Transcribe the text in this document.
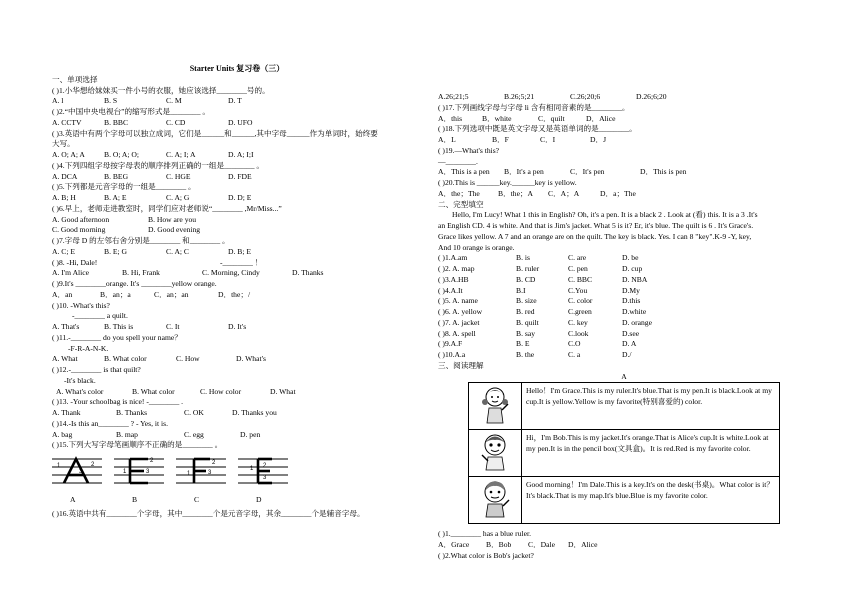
Starter Units 复习卷（三）
一、单项选择
( )1.小华想给妹妹买一件小号的衣服，她应该选择________号的。
A. l	B. S	C. M	D. T
( )2.“中国中央电视台”的缩写形式是________ 。
A. CCTV	B. BBC	C. CD	D. UFO
( )3.英语中有两个字母可以独立成词，它们是______和______,其中字母______作为单词时，始终要
大写。
A. O; A; A	B. O; A; O;	C. A; I; A	D. A; I;I
( )4.下列四组字母按字母表的顺序排列正确的一组是________ 。
A. DCA	B. BEG	C. HGE	D. FDE
( )5.下列都是元音字母的一组是________ 。
A. B; H	B. A; E	C. A; G	D. D; E
( )6.早上，老师走进教室时，同学们应对老师说“________ ,Mr/Miss...”
A. Good afternoon	B. How are you
C. Good morning	D. Good evening
( )7.字母 D 的左邻右舍分别是________ 和________ 。
A. C; E	B. E; G	C. A; C	D. B; E
( )8. -Hi, Dale!	-________ ！
A. I'm Alice	B. Hi, Frank	C. Morning, Cindy	D. Thanks
( )9.It's ________orange. It's ________yellow orange.
A．an	B．an；a	C．an；an	D．the；/
( )10. -What's this?
-________ a quilt.
A. That's	B. This is	C. It	D. It's
( )11.-________ do you spell your name？
-F-R-A-N-K.
A. What	B. What color	C. How	D. What's
( )12.-________ is that quilt?
-It's black.
A. What's color	B. What color	C. How color	D. What
( )13. -Your schoolbag is nice! -________ .
A. Thank	B. Thanks	C. OK	D. Thanks you
( )14.-Is this an________ ? - Yes, it is.
A. bag	B. map	C. egg	D. pen
( )15.下列大写字母笔画顺序不正确的是________ 。
1	2
3	1
2
3	1
2
3
1 2
3
A	B	C	D
( )16.英语中共有________个字母，其中________个是元音字母，其余________个是辅音字母。
A.26;21;5	B.26;5;21	C.26;20;6	D.26;6;20
( )17.下列画线字母与字母 li 含有相同音素的是________。
A．this	B．white	C．quilt	D．Alice
( )18.下列选项中既是英文字母又是英语单词的是________。
A．L	B．F	C．I	D．J
( )19.—What's this?
—________.
A．This is a pen	B．It's a pen	C．It's pen	D．This is pen
( )20.This is ______key.______key is yellow.
A．the；The	B．the；A	C．A；A	D．a；The
二、完型填空
Hello, I'm Lucy! What 1 this in English? Oh, it's a pen. It is a black 2 . Look at (看) this. It is a 3 .It's
an English CD. 4 is white. And that is Jim's jacket. What 5 is it? Er, it's blue. The quilt is 6 . It's Grace's.
Grace likes yellow. A 7 and an orange are on the quilt. The key is black. Yes. I can 8 "key".K-9 -Y, key,
And 10 orange is orange.
( )1.A.am	B. is	C. are	D. be
( )2. A. map	B. ruler	C. pen	D. cup
( )3.A.HB	B. CD	C. BBC	D. NBA
( )4.A.It	B.I	C.You	D.My
( )5. A. name	B. size	C. color	D.this
( )6. A. yellow	B. red	C.green	D.white
( )7. A. jacket	B. quilt	C. key	D. orange
( )8. A. spell	B. say	C.look	D.see
( )9.A.F	B. E	C.O	D. A
( )10.A.a	B. the	C. a	D./
三、阅读理解
A
	Hello！I'm Grace.This is my ruler.It's blue.That is my pen.It is black.Look at my cup.It is yellow.Yellow is my favorite(特别喜爱的) color.
	Hi，I'm Bob.This is my jacket.It's orange.That is Alice's cup.It is white.Look at my pen.It is in the pencil box(文具盒)。It is red.Red is my favorite color.
	Good morning！I'm Dale.This is a key.It's on the desk(书桌)。What color is it？It's black.That is my map.It's blue.Blue is my favorite color.
( )1.________ has a blue ruler.
A．Grace	B．Bob	C．Dale	D．Alice
( )2.What color is Bob's jacket?
